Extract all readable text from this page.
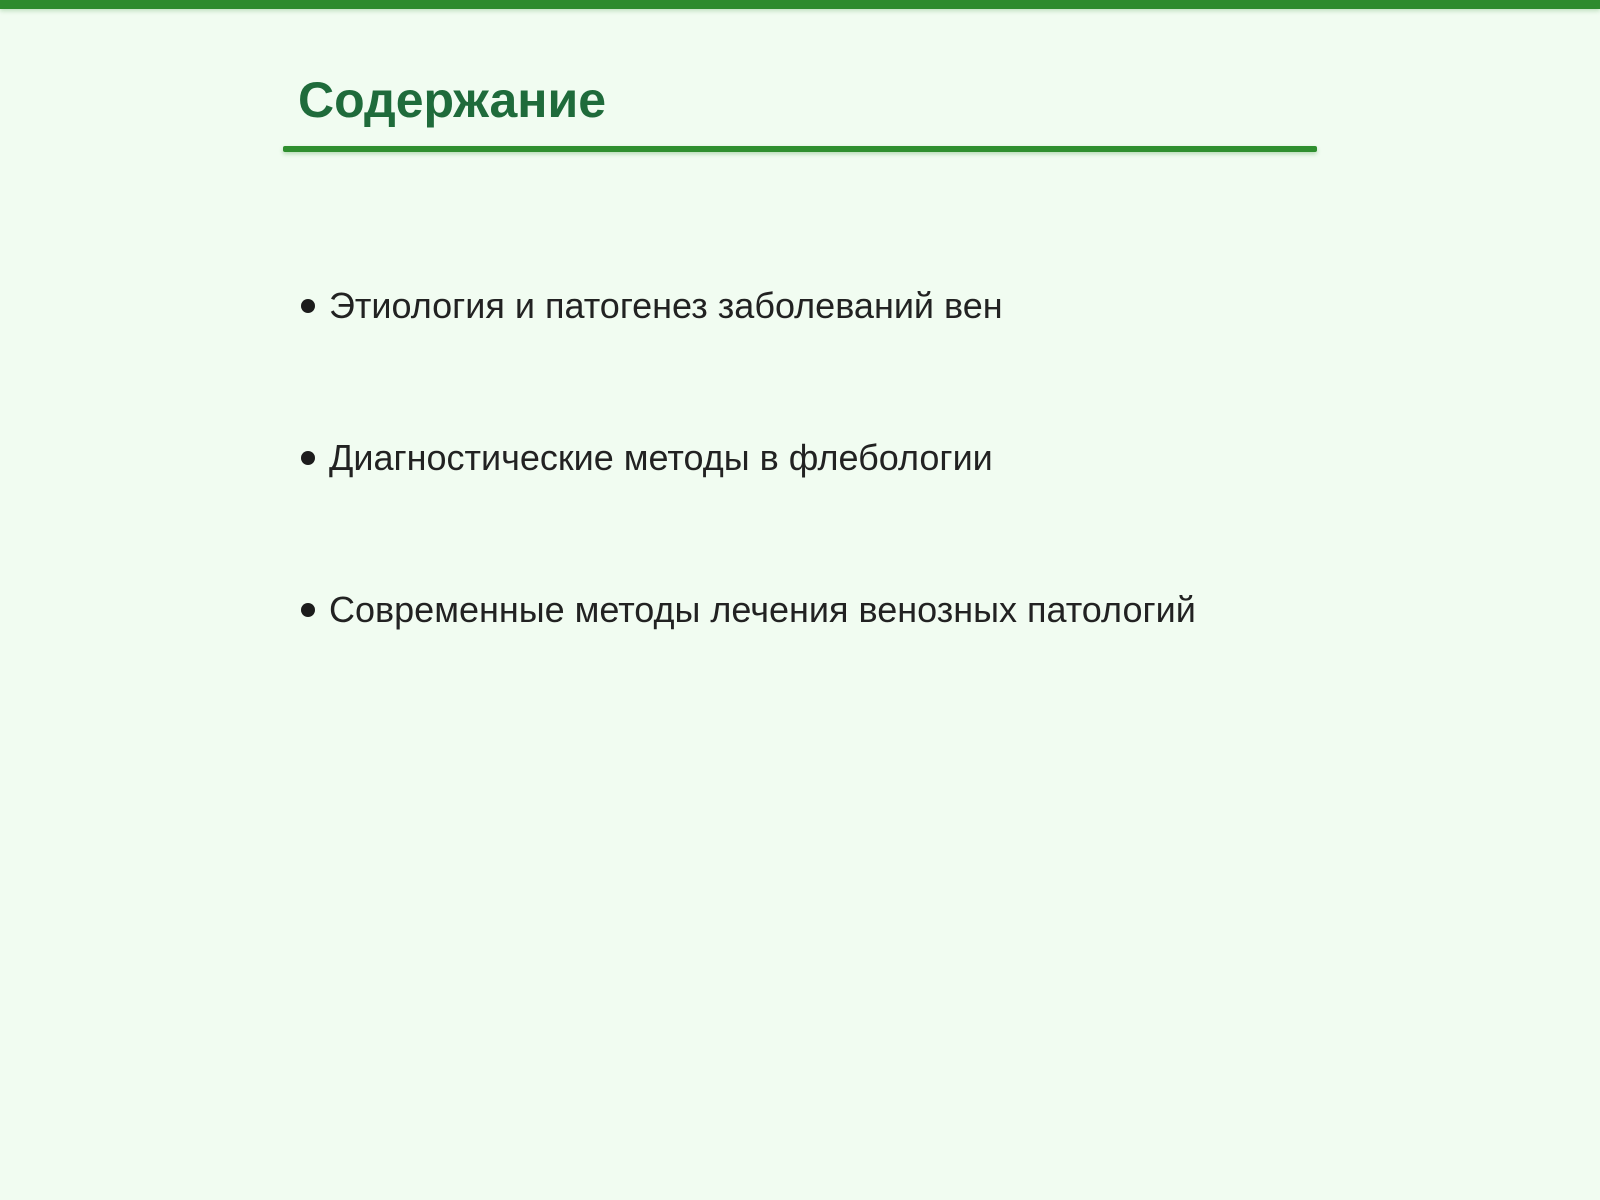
Содержание
Этиология и патогенез заболеваний вен
Диагностические методы в флебологии
Современные методы лечения венозных патологий
